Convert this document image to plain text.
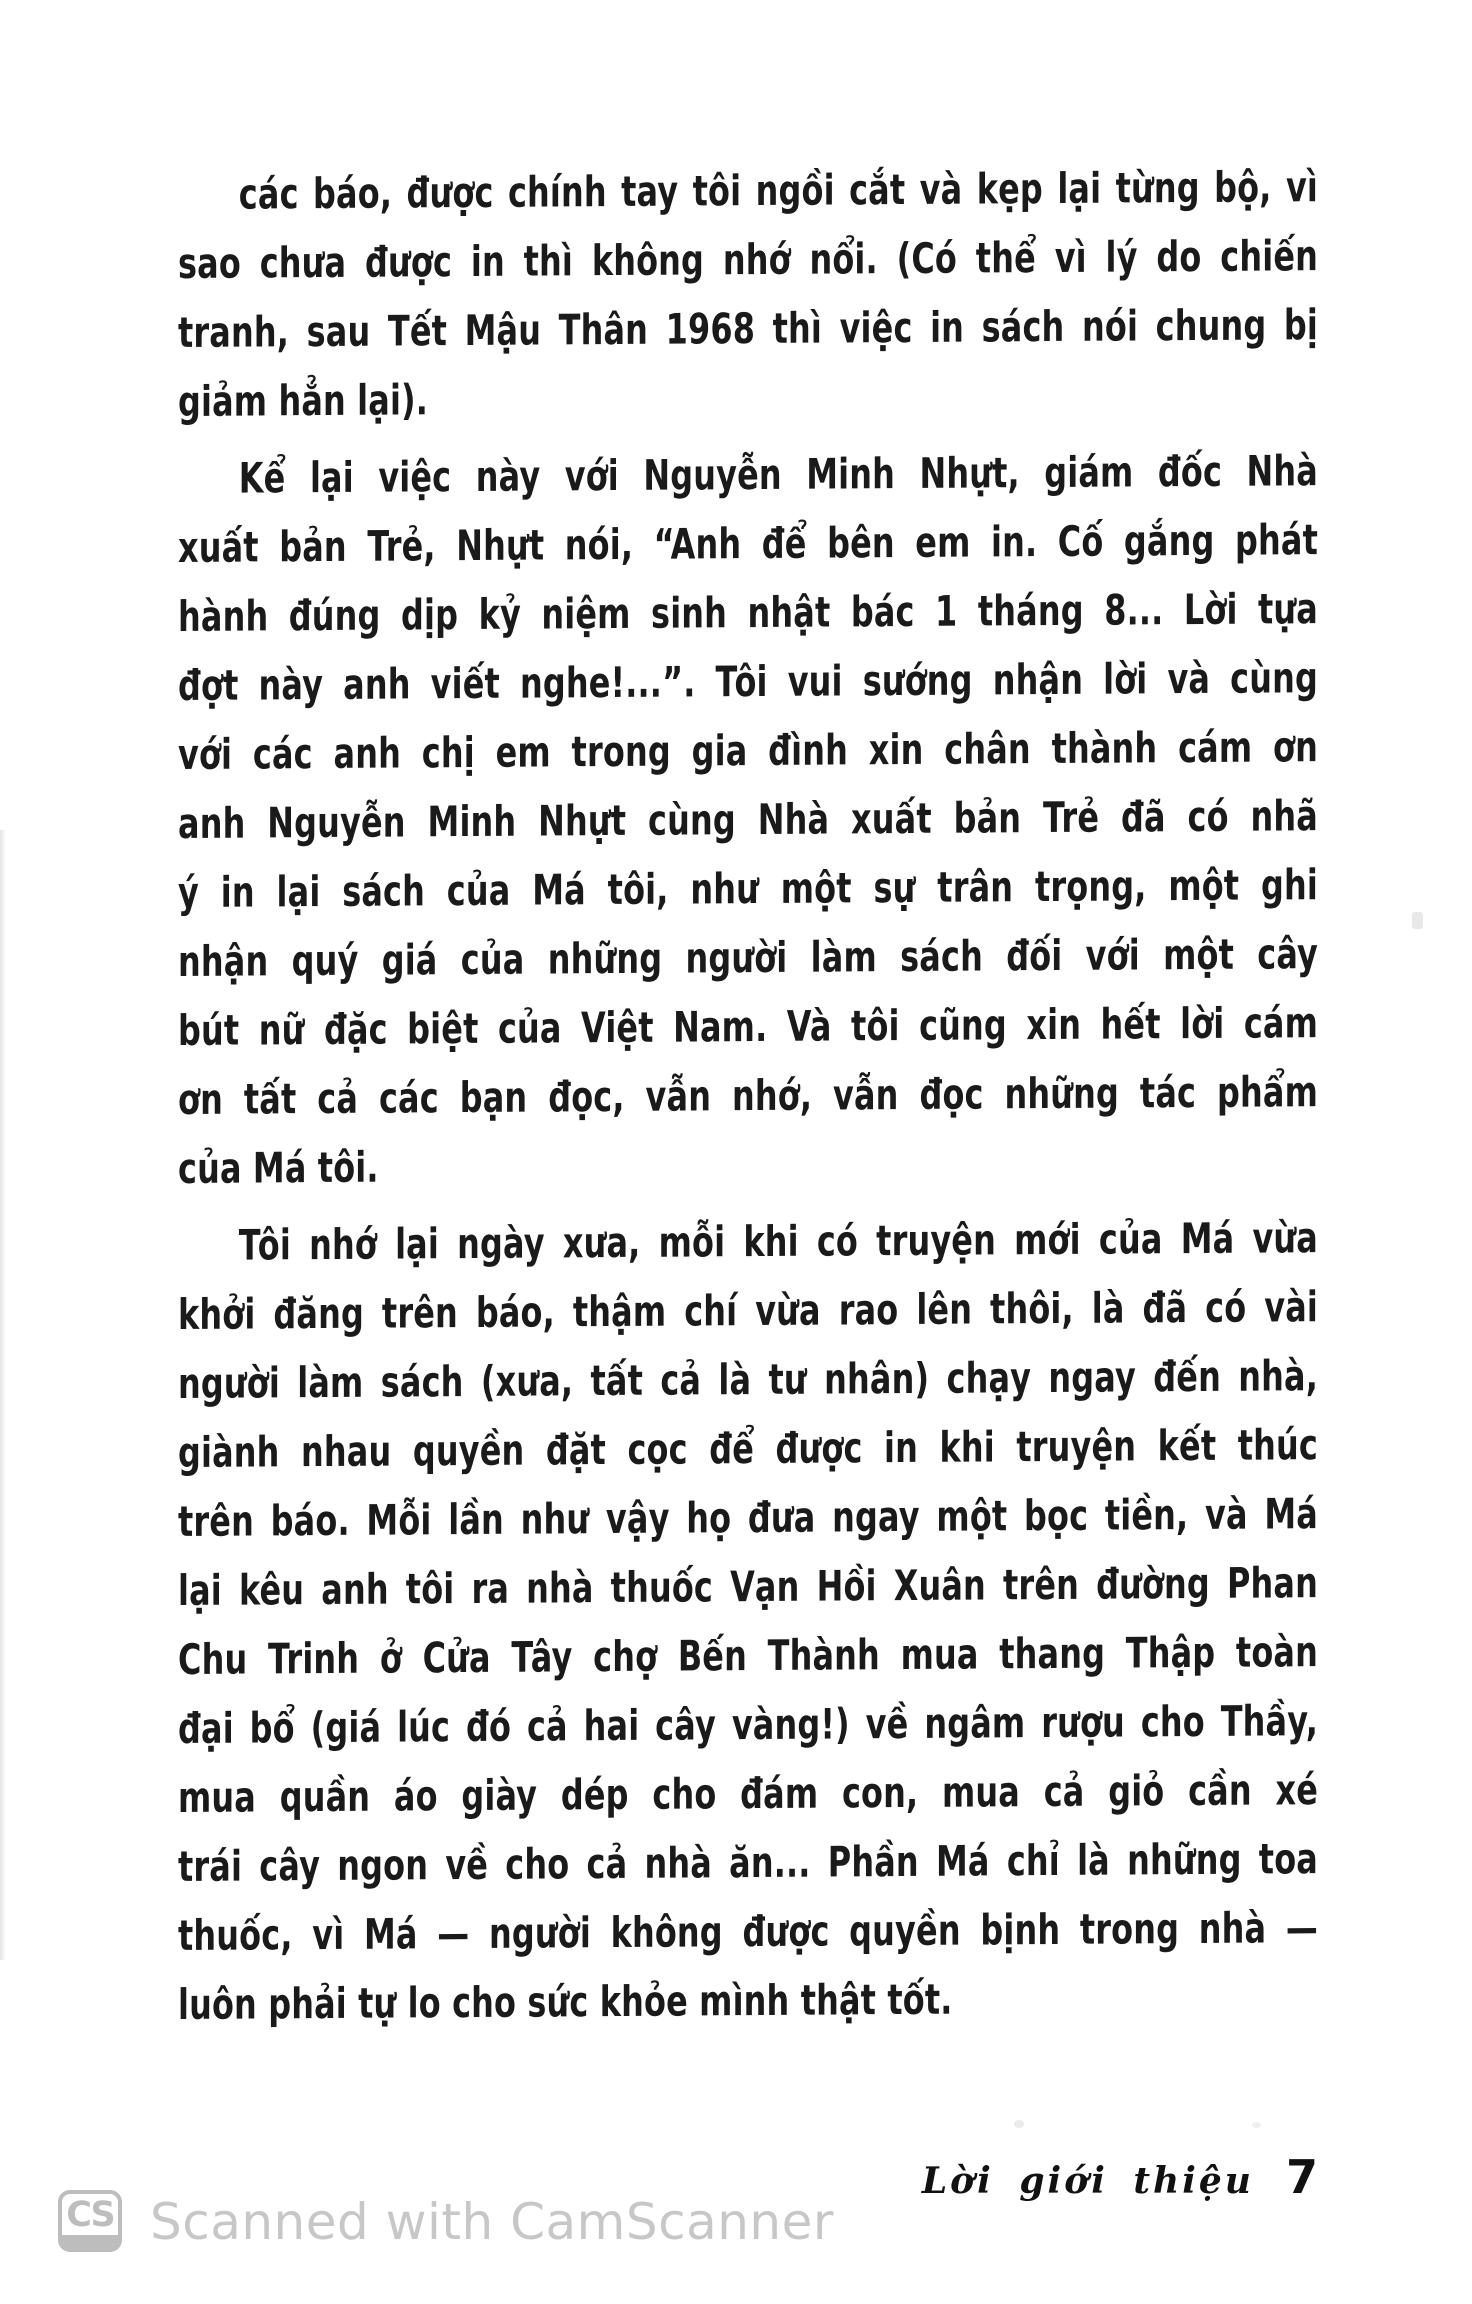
các báo, được chính tay tôi ngồi cắt và kẹp lại từng bộ, vì
sao chưa được in thì không nhớ nổi. (Có thể vì lý do chiến
tranh, sau Tết Mậu Thân 1968 thì việc in sách nói chung bị
giảm hẳn lại).
Kể lại việc này với Nguyễn Minh Nhựt, giám đốc Nhà
xuất bản Trẻ, Nhựt nói, “Anh để bên em in. Cố gắng phát
hành đúng dịp kỷ niệm sinh nhật bác 1 tháng 8... Lời tựa
đợt này anh viết nghe!...”. Tôi vui sướng nhận lời và cùng
với các anh chị em trong gia đình xin chân thành cám ơn
anh Nguyễn Minh Nhựt cùng Nhà xuất bản Trẻ đã có nhã
ý in lại sách của Má tôi, như một sự trân trọng, một ghi
nhận quý giá của những người làm sách đối với một cây
bút nữ đặc biệt của Việt Nam. Và tôi cũng xin hết lời cám
ơn tất cả các bạn đọc, vẫn nhớ, vẫn đọc những tác phẩm
của Má tôi.
Tôi nhớ lại ngày xưa, mỗi khi có truyện mới của Má vừa
khởi đăng trên báo, thậm chí vừa rao lên thôi, là đã có vài
người làm sách (xưa, tất cả là tư nhân) chạy ngay đến nhà,
giành nhau quyền đặt cọc để được in khi truyện kết thúc
trên báo. Mỗi lần như vậy họ đưa ngay một bọc tiền, và Má
lại kêu anh tôi ra nhà thuốc Vạn Hồi Xuân trên đường Phan
Chu Trinh ở Cửa Tây chợ Bến Thành mua thang Thập toàn
đại bổ (giá lúc đó cả hai cây vàng!) về ngâm rượu cho Thầy,
mua quần áo giày dép cho đám con, mua cả giỏ cần xé
trái cây ngon về cho cả nhà ăn... Phần Má chỉ là những toa
thuốc, vì Má — người không được quyền bịnh trong nhà —
luôn phải tự lo cho sức khỏe mình thật tốt.
Lời giới thiệu 7
CS Scanned with CamScanner
